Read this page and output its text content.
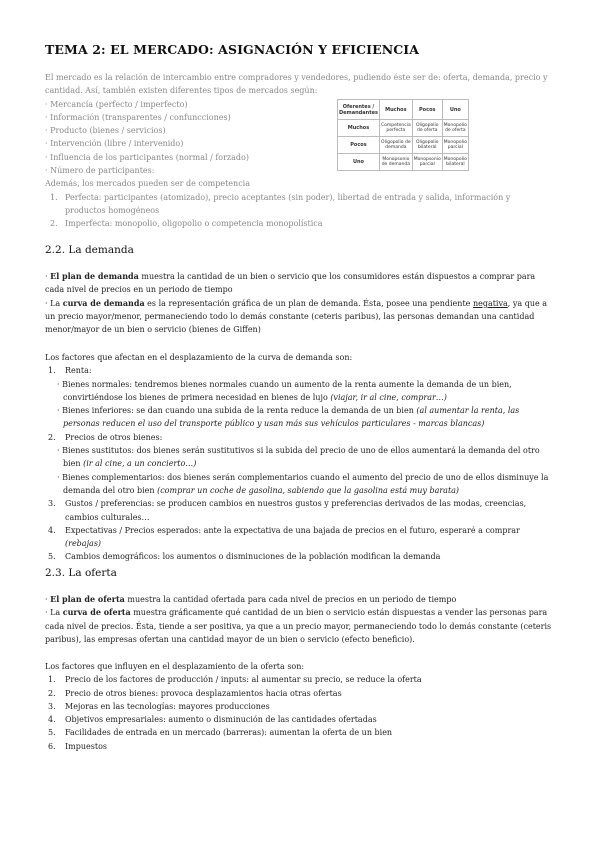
TEMA 2: EL MERCADO: ASIGNACIÓN Y EFICIENCIA

El mercado es la relación de intercambio entre compradores y vendedores, pudiendo éste ser de: oferta, demanda, precio y cantidad. Así, también existen diferentes tipos de mercados según:

· Mercancía (perfecto / imperfecto)

· Información (transparentes / confuncciones)

· Producto (bienes / servicios)

· Intervención (libre / intervenido)

· Influencia de los participantes (normal / forzado)

· Número de participantes:

Además, los mercados pueden ser de competencia

1. Perfecta: participantes (atomizado), precio aceptantes (sin poder), libertad de entrada y salida, información y productos homogéneos
2. Imperfecta: monopolio, oligopolio o competencia monopolística
Oferentes / Demandantes	Muchos	Pocos	Uno
Muchos	Competencia perfecta	Oligopolio de oferta	Monopolio de oferta
Pocos	Oligopolio de demanda	Oligopolio bilateral	Monopolio parcial
Uno	Monopsonio de demanda	Monopsonio parcial	Monopolio bilateral
2.2. La demanda

· El plan de demanda muestra la cantidad de un bien o servicio que los consumidores están dispuestos a comprar para cada nivel de precios en un periodo de tiempo

· La curva de demanda es la representación gráfica de un plan de demanda. Ésta, posee una pendiente negativa, ya que a un precio mayor/menor, permaneciendo todo lo demás constante (ceteris paribus), las personas demandan una cantidad menor/mayor de un bien o servicio (bienes de Giffen)

Los factores que afectan en el desplazamiento de la curva de demanda son:

1. Renta:

· Bienes normales: tendremos bienes normales cuando un aumento de la renta aumente la demanda de un bien, convirtiéndose los bienes de primera necesidad en bienes de lujo (viajar, ir al cine, comprar…)

· Bienes inferiores: se dan cuando una subida de la renta reduce la demanda de un bien (al aumentar la renta, las personas reducen el uso del transporte público y usan más sus vehículos particulares - marcas blancas)

2. Precios de otros bienes:

· Bienes sustitutos: dos bienes serán sustitutivos si la subida del precio de uno de ellos aumentará la demanda del otro bien (ir al cine, a un concierto…)

· Bienes complementarios: dos bienes serán complementarios cuando el aumento del precio de uno de ellos disminuye la demanda del otro bien (comprar un coche de gasolina, sabiendo que la gasolina está muy barata)

3. Gustos / preferencias: se producen cambios en nuestros gustos y preferencias derivados de las modas, creencias, cambios culturales…
4. Expectativas / Precios esperados: ante la expectativa de una bajada de precios en el futuro, esperaré a comprar (rebajas)
5. Cambios demográficos: los aumentos o disminuciones de la población modifican la demanda
2.3. La oferta

· El plan de oferta muestra la cantidad ofertada para cada nivel de precios en un periodo de tiempo

· La curva de oferta muestra gráficamente qué cantidad de un bien o servicio están dispuestas a vender las personas para cada nivel de precios. Ésta, tiende a ser positiva, ya que a un precio mayor, permaneciendo todo lo demás constante (ceteris paribus), las empresas ofertan una cantidad mayor de un bien o servicio (efecto beneficio).

Los factores que influyen en el desplazamiento de la oferta son:

1. Precio de los factores de producción / inputs: al aumentar su precio, se reduce la oferta
2. Precio de otros bienes: provoca desplazamientos hacia otras ofertas
3. Mejoras en las tecnologías: mayores producciones
4. Objetivos empresariales: aumento o disminución de las cantidades ofertadas
5. Facilidades de entrada en un mercado (barreras): aumentan la oferta de un bien
6. Impuestos
